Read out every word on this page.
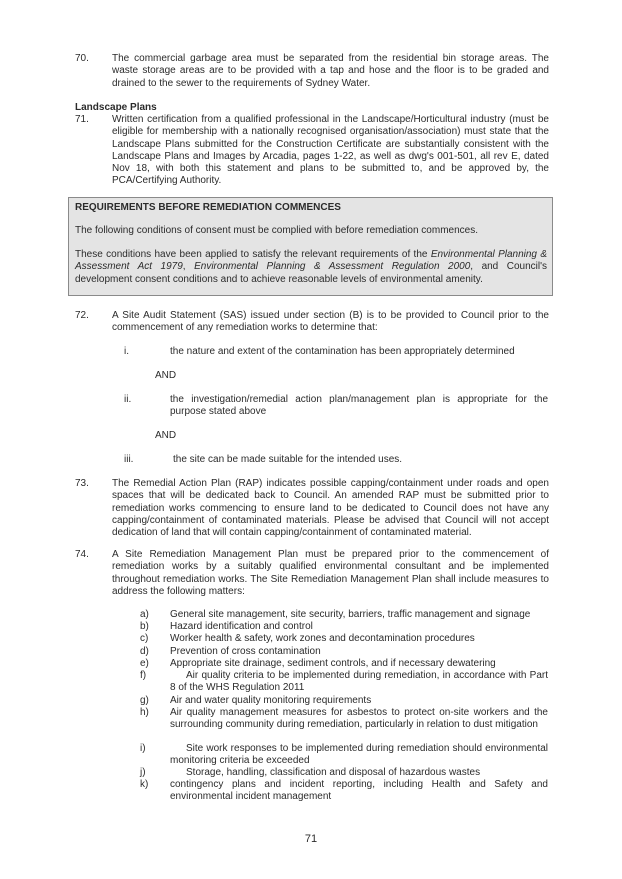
70. The commercial garbage area must be separated from the residential bin storage areas. The waste storage areas are to be provided with a tap and hose and the floor is to be graded and drained to the sewer to the requirements of Sydney Water.
Landscape Plans
71. Written certification from a qualified professional in the Landscape/Horticultural industry (must be eligible for membership with a nationally recognised organisation/association) must state that the Landscape Plans submitted for the Construction Certificate are substantially consistent with the Landscape Plans and Images by Arcadia, pages 1-22, as well as dwg's 001-501, all rev E, dated Nov 18, with both this statement and plans to be submitted to, and be approved by, the PCA/Certifying Authority.
REQUIREMENTS BEFORE REMEDIATION COMMENCES
The following conditions of consent must be complied with before remediation commences.
These conditions have been applied to satisfy the relevant requirements of the Environmental Planning & Assessment Act 1979, Environmental Planning & Assessment Regulation 2000, and Council's development consent conditions and to achieve reasonable levels of environmental amenity.
72. A Site Audit Statement (SAS) issued under section (B) is to be provided to Council prior to the commencement of any remediation works to determine that:
i.	the nature and extent of the contamination has been appropriately determined
AND
ii.	the investigation/remedial action plan/management plan is appropriate for the purpose stated above
AND
iii.	the site can be made suitable for the intended uses.
73. The Remedial Action Plan (RAP) indicates possible capping/containment under roads and open spaces that will be dedicated back to Council. An amended RAP must be submitted prior to remediation works commencing to ensure land to be dedicated to Council does not have any capping/containment of contaminated materials. Please be advised that Council will not accept dedication of land that will contain capping/containment of contaminated material.
74. A Site Remediation Management Plan must be prepared prior to the commencement of remediation works by a suitably qualified environmental consultant and be implemented throughout remediation works. The Site Remediation Management Plan shall include measures to address the following matters:
a) General site management, site security, barriers, traffic management and signage
b) Hazard identification and control
c) Worker health & safety, work zones and decontamination procedures
d) Prevention of cross contamination
e) Appropriate site drainage, sediment controls, and if necessary dewatering
f)	Air quality criteria to be implemented during remediation, in accordance with Part 8 of the WHS Regulation 2011
g) Air and water quality monitoring requirements
h) Air quality management measures for asbestos to protect on-site workers and the surrounding community during remediation, particularly in relation to dust mitigation
i)	Site work responses to be implemented during remediation should environmental monitoring criteria be exceeded
j)	Storage, handling, classification and disposal of hazardous wastes
k) contingency plans and incident reporting, including Health and Safety and environmental incident management
71
